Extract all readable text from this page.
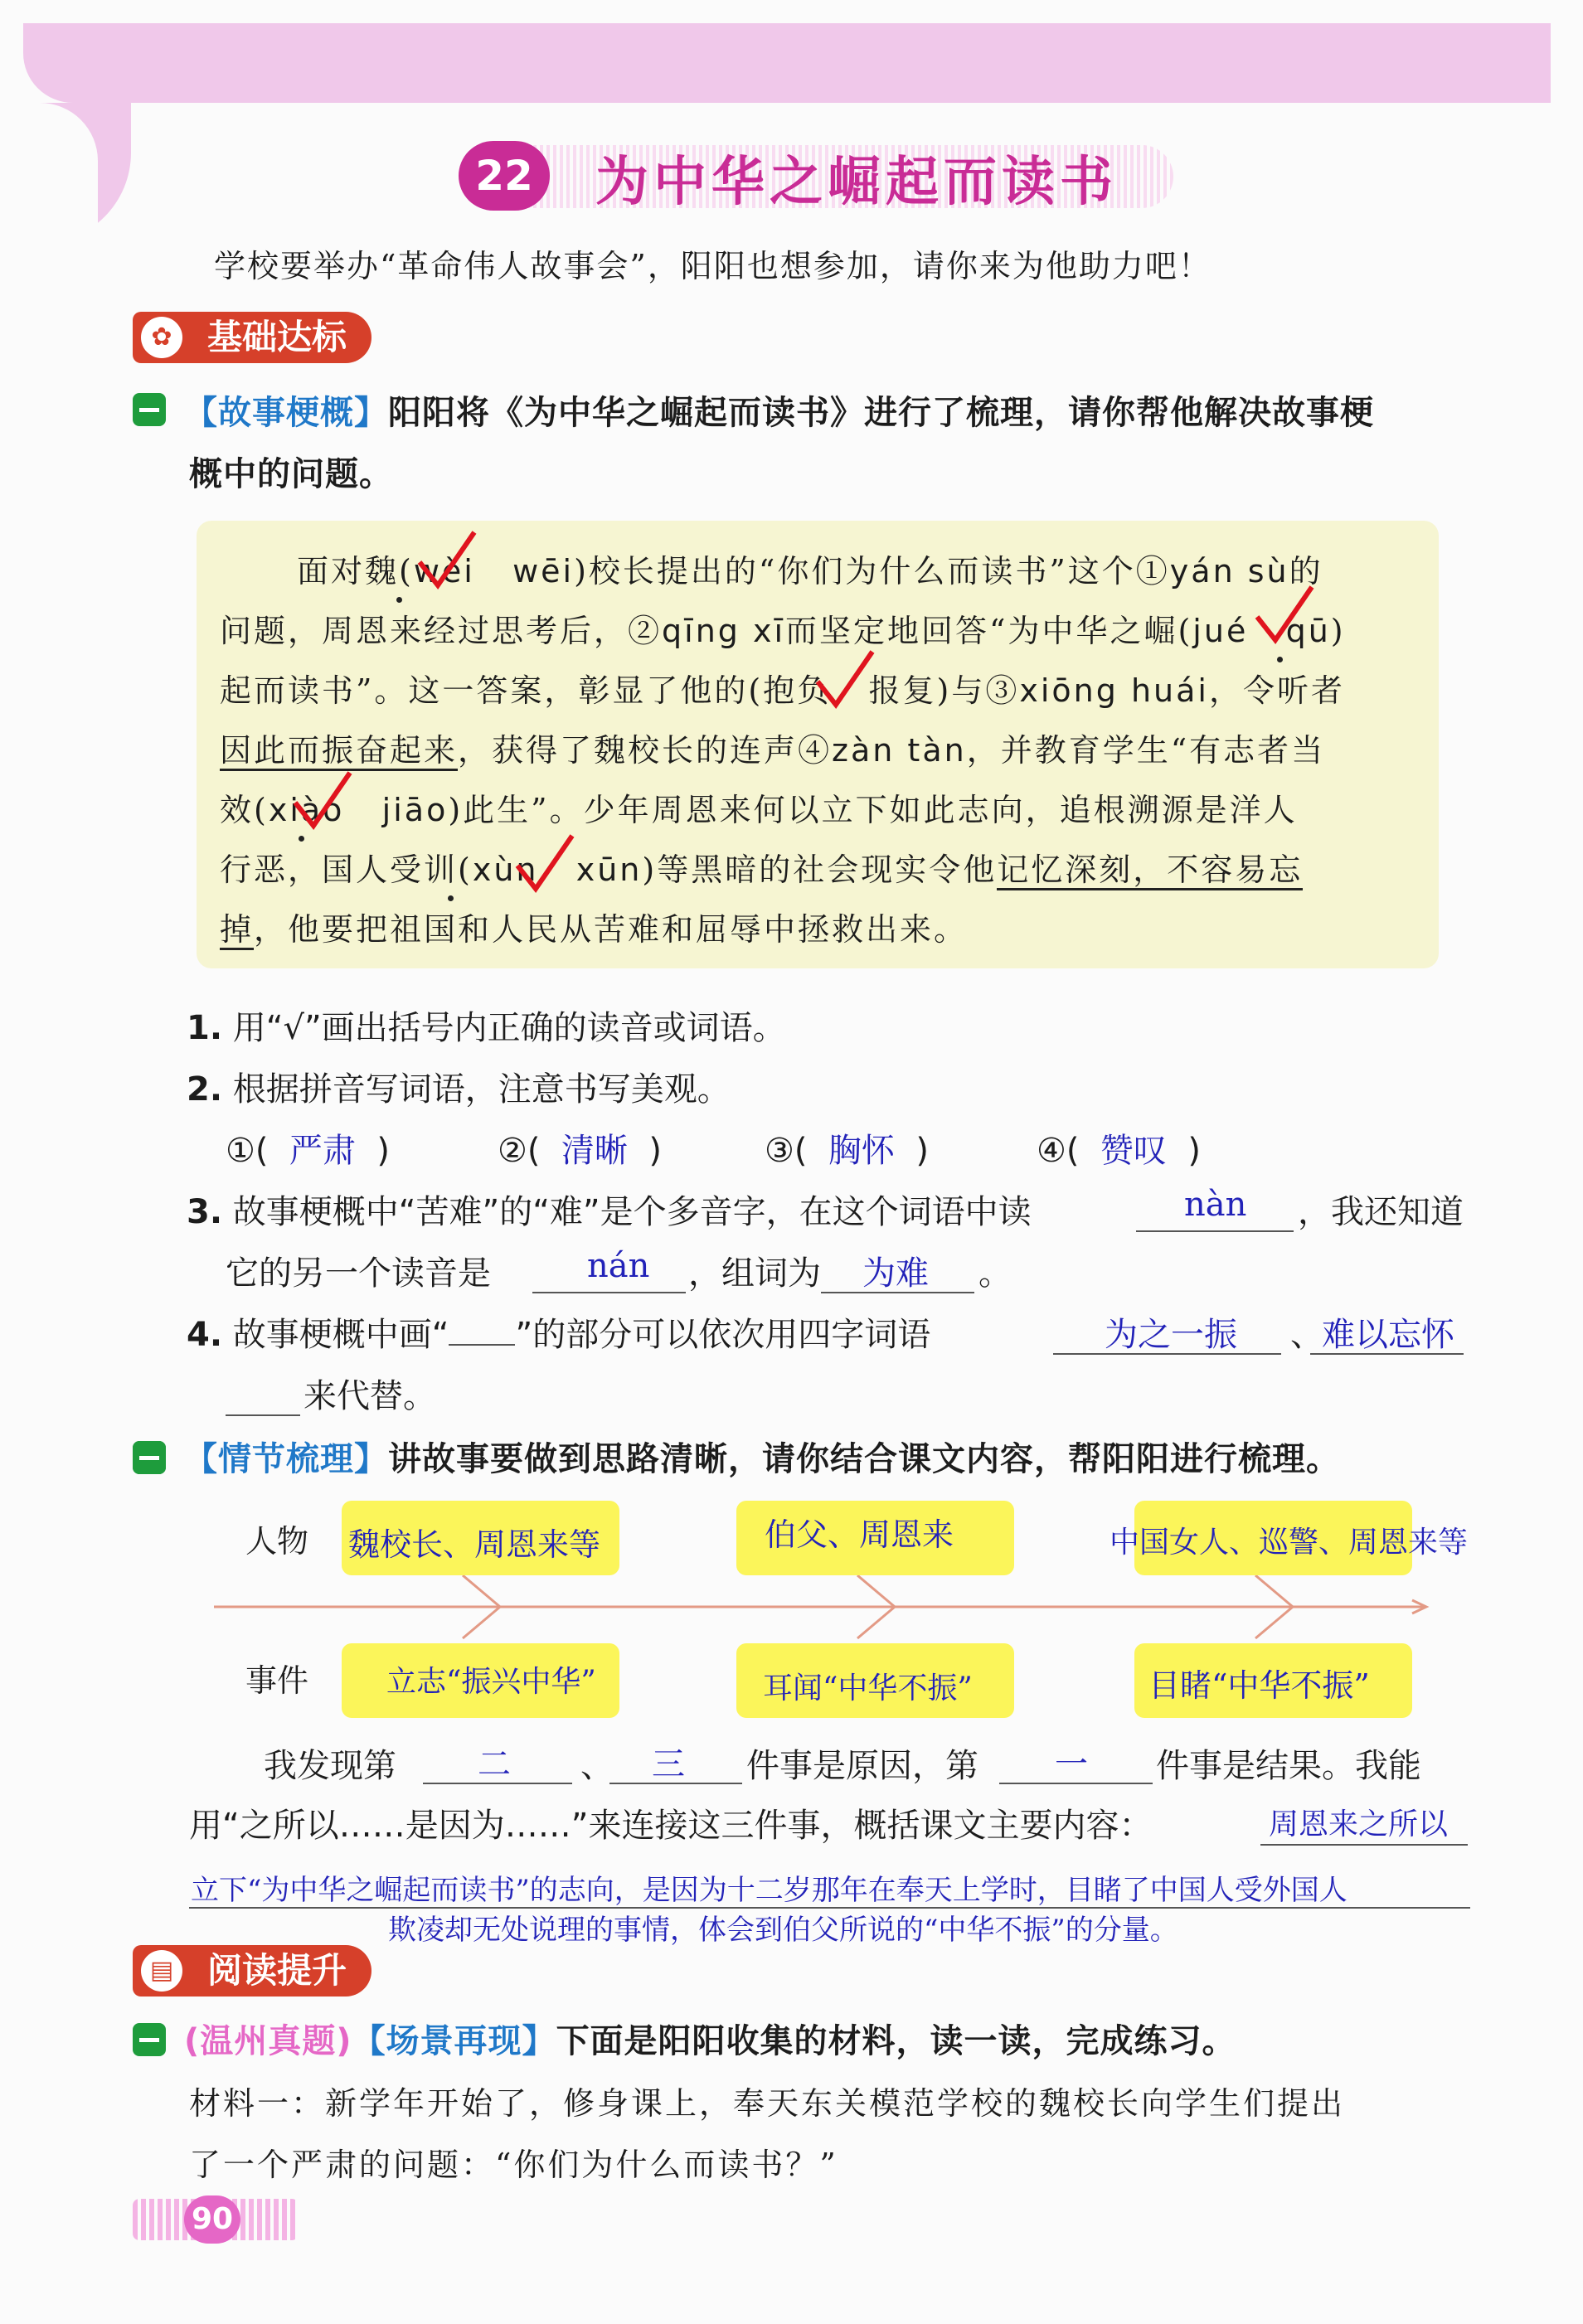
22	为中华之崛起而读书
学校要举办“革命伟人故事会”，阳阳也想参加，请你来为他助力吧！
✿ 基础达标
【故事梗概】阳阳将《为中华之崛起而读书》进行了梳理，请你帮他解决故事梗
概中的问题。
面对魏(wèi wēi)校长提出的“你们为什么而读书”这个①yán sù的
问题，周恩来经过思考后，②qīng xī而坚定地回答“为中华之崛(jué qū)
起而读书”。这一答案，彰显了他的(抱负 报复)与③xiōng huái，令听者
因此而振奋起来，获得了魏校长的连声④zàn tàn，并教育学生“有志者当
效(xiào jiāo)此生”。少年周恩来何以立下如此志向，追根溯源是洋人
行恶，国人受训(xùn xūn)等黑暗的社会现实令他记忆深刻，不容易忘
掉，他要把祖国和人民从苦难和屈辱中拯救出来。
1. 用“√”画出括号内正确的读音或词语。
2. 根据拼音写词语，注意书写美观。
①( 严肃  )	②( 清晰  )	③( 胸怀  )	④( 赞叹  )
3. 故事梗概中“苦难”的“难”是个多音字，在这个词语中读	nàn ，我还知道
它的另一个读音是	nán ，组词为 为难 。
4. 故事梗概中画“ ”的部分可以依次用四字词语	为之一振 、
难以忘怀
来代替。
【情节梳理】讲故事要做到思路清晰，请你结合课文内容，帮阳阳进行梳理。
人物
事件
魏校长、周恩来等	伯父、周恩来	中国女人、巡警、周恩来等
立志“振兴中华”	耳闻“中华不振”	目睹“中华不振”
我发现第 二 、 三 件事是原因，第 一 件事是结果。我能
用“之所以……是因为……”来连接这三件事，概括课文主要内容：	周恩来之所以
立下“为中华之崛起而读书”的志向，是因为十二岁那年在奉天上学时，目睹了中国人受外国人
欺凌却无处说理的事情，体会到伯父所说的“中华不振”的分量。
▤ 阅读提升
(温州真题)【场景再现】下面是阳阳收集的材料，读一读，完成练习。
材料一：新学年开始了，修身课上，奉天东关模范学校的魏校长向学生们提出
了一个严肃的问题：“你们为什么而读书？”
90
